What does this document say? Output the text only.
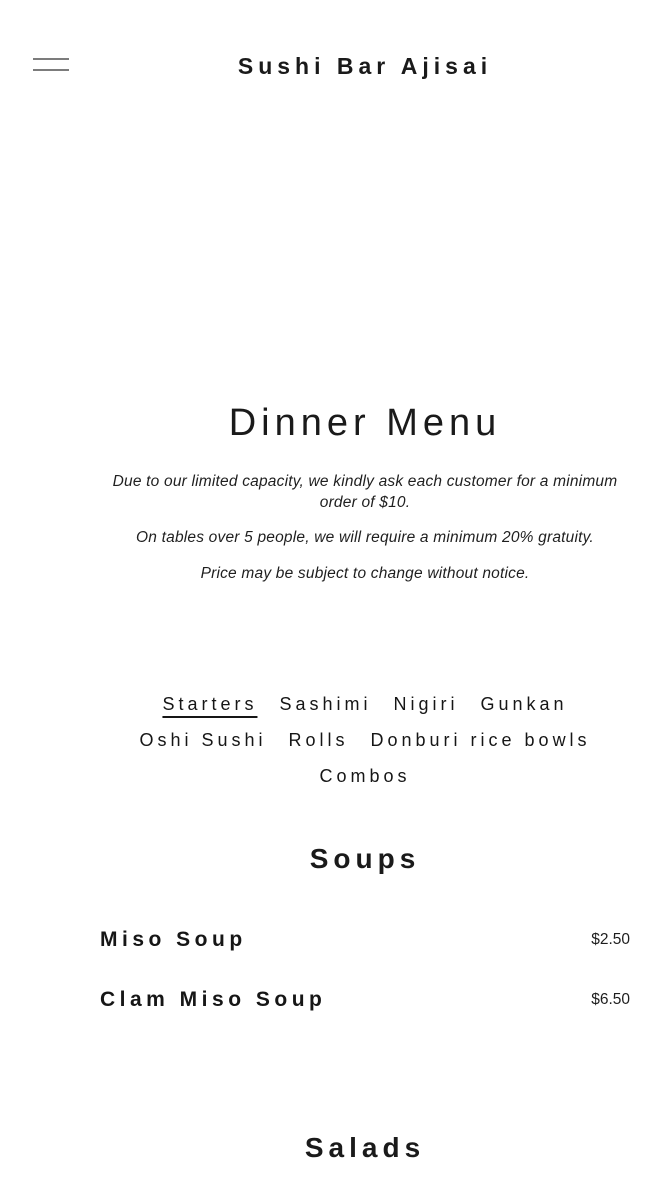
Sushi Bar Ajisai
Dinner Menu

Due to our limited capacity, we kindly ask each customer for a minimum order of $10.

On tables over 5 people, we will require a minimum 20% gratuity.

Price may be subject to change without notice.

Starters Sashimi Nigiri Gunkan
Oshi Sushi Rolls Donburi rice bowls
Combos
Soups
Miso Soup	$2.50
Clam Miso Soup	$6.50
Salads
